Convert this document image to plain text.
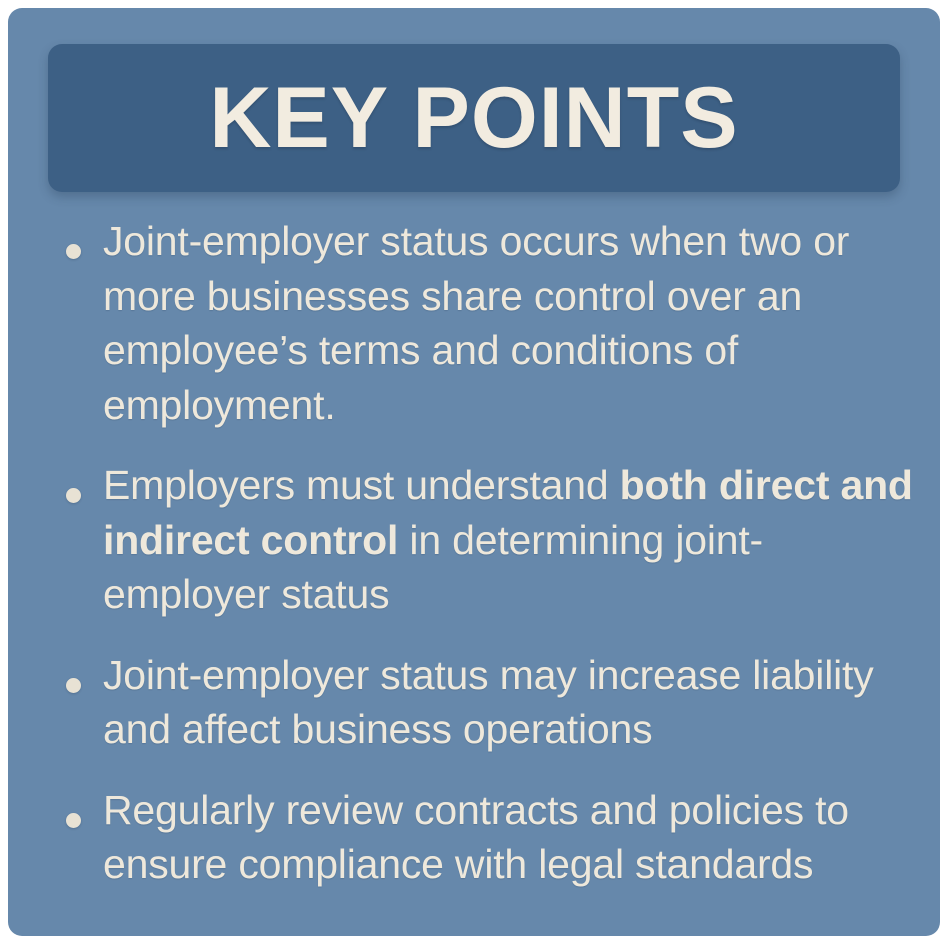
KEY POINTS
Joint-employer status occurs when two or more businesses share control over an employee’s terms and conditions of employment.
Employers must understand both direct and indirect control in determining joint-employer status
Joint-employer status may increase liability and affect business operations
Regularly review contracts and policies to ensure compliance with legal standards
